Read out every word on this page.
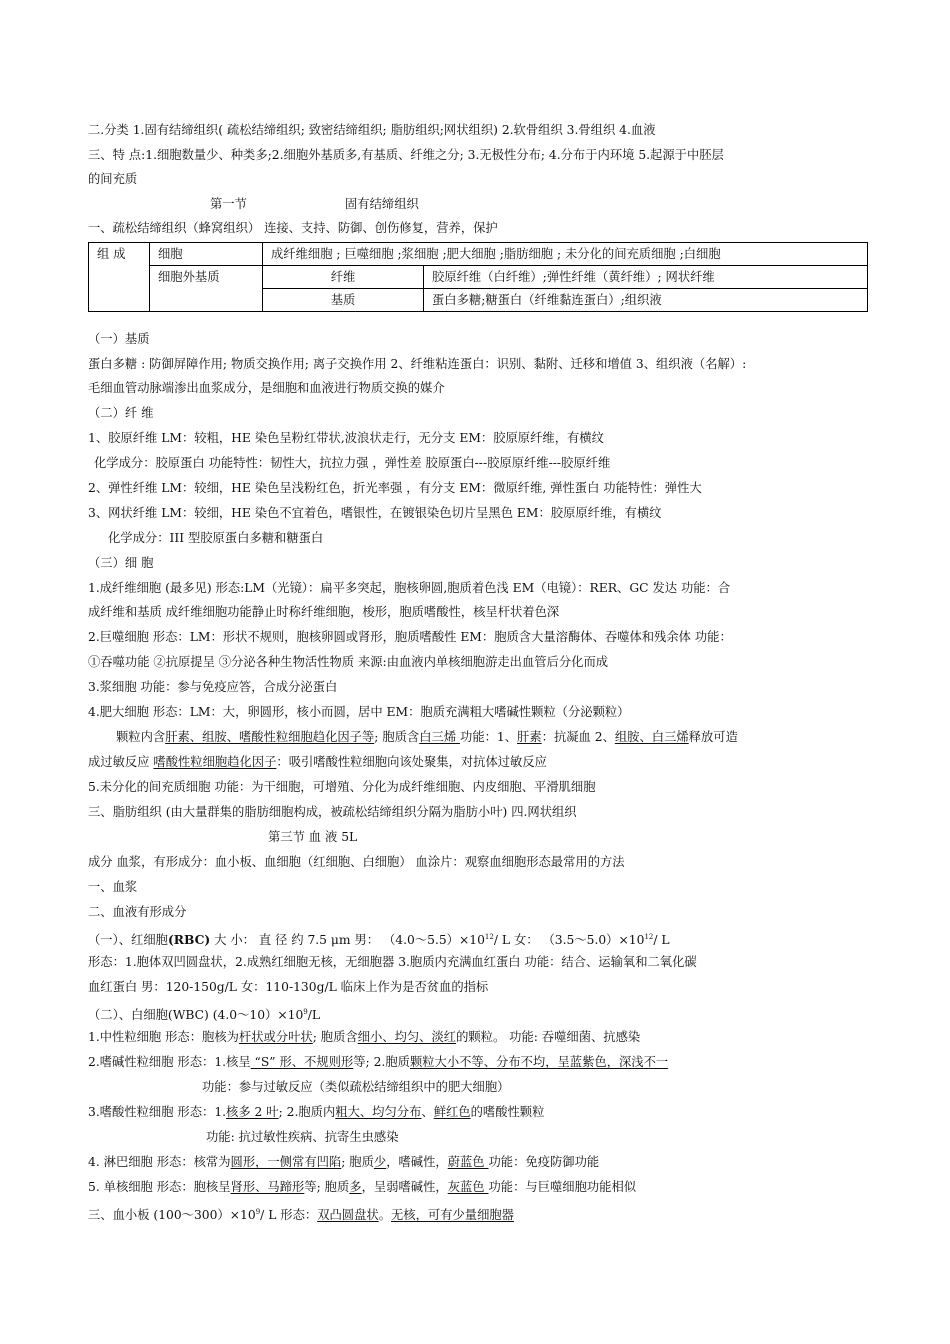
二.分类 1.固有结缔组织( 疏松结缔组织; 致密结缔组织; 脂肪组织;网状组织) 2.软骨组织 3.骨组织 4.血液
三、特 点:1.细胞数量少、种类多;2.细胞外基质多,有基质、纤维之分; 3.无极性分布; 4.分布于内环境 5.起源于中胚层
的间充质
第一节	固有结缔组织
一、疏松结缔组织（蜂窝组织） 连接、支持、防御、创伤修复，营养，保护
组 成	细胞	成纤维细胞 ; 巨噬细胞 ;浆细胞 ;肥大细胞 ;脂肪细胞 ; 未分化的间充质细胞 ;白细胞	
	细胞外基质	纤维	胶原纤维（白纤维）;弹性纤维（黄纤维）; 网状纤维
		基质	蛋白多糖;糖蛋白（纤维黏连蛋白）;组织液
（一）基质
蛋白多糖 : 防御屏障作用; 物质交换作用; 离子交换作用 2、纤维粘连蛋白：识别、黏附、迁移和增值 3、组织液（名解）:
毛细血管动脉端渗出血浆成分，是细胞和血液进行物质交换的媒介
（二）纤 维
1、胶原纤维 LM：较粗，HE 染色呈粉红带状,波浪状走行，无分支 EM：胶原原纤维，有横纹
化学成分：胶原蛋白 功能特性：韧性大，抗拉力强 ，弹性差 胶原蛋白---胶原原纤维---胶原纤维
2、弹性纤维 LM：较细，HE 染色呈浅粉红色，折光率强 ，有分支 EM：微原纤维, 弹性蛋白 功能特性：弹性大
3、网状纤维 LM：较细，HE 染色不宜着色，嗜银性，在镀银染色切片呈黑色 EM：胶原原纤维，有横纹
化学成分：III 型胶原蛋白多糖和糖蛋白
（三）细 胞
1.成纤维细胞 (最多见) 形态:LM（光镜）：扁平多突起，胞核卵圆,胞质着色浅 EM（电镜）：RER、GC 发达 功能：合
成纤维和基质 成纤维细胞功能静止时称纤维细胞，梭形，胞质嗜酸性，核呈杆状着色深
2.巨噬细胞 形态：LM：形状不规则，胞核卵圆或肾形，胞质嗜酸性 EM：胞质含大量溶酶体、吞噬体和残余体 功能：
①吞噬功能 ②抗原提呈 ③分泌各种生物活性物质 来源:由血液内单核细胞游走出血管后分化而成
3.浆细胞 功能：参与免疫应答，合成分泌蛋白
4.肥大细胞 形态：LM：大，卵圆形，核小而圆，居中 EM：胞质充满粗大嗜碱性颗粒（分泌颗粒）
颗粒内含肝素、组胺、嗜酸性粒细胞趋化因子等; 胞质含白三烯 功能：1、肝素：抗凝血 2、组胺、白三烯释放可造
成过敏反应 嗜酸性粒细胞趋化因子：吸引嗜酸性粒细胞向该处聚集，对抗体过敏反应
5.未分化的间充质细胞 功能：为干细胞，可增殖、分化为成纤维细胞、内皮细胞、平滑肌细胞
三、脂肪组织 (由大量群集的脂肪细胞构成，被疏松结缔组织分隔为脂肪小叶) 四.网状组织
第三节 血 液 5L
成分 血浆，有形成分：血小板、血细胞（红细胞、白细胞） 血涂片：观察血细胞形态最常用的方法
一、血浆
二、血液有形成分
（一）、红细胞(RBC) 大 小： 直 径 约 7.5 μm 男： $(4.0\sim 5.5)\times 10^{12}/$ L 女： $(3.5\sim 5.0)\times 10^{12}/$ L
形态：1.胞体双凹圆盘状，2.成熟红细胞无核，无细胞器 3.胞质内充满血红蛋白 功能：结合、运输氧和二氧化碳
血红蛋白 男：120-150g/L 女：110-130g/L 临床上作为是否贫血的指标
（二）、白细胞(WBC) $(4.0\sim 10)\times 10^9/L$
1.中性粒细胞 形态：胞核为杆状或分叶状; 胞质含细小、均匀、淡红的颗粒。 功能: 吞噬细菌、抗感染
2.嗜碱性粒细胞 形态：1.核呈 “S” 形、不规则形等; 2.胞质颗粒大小不等、分布不均，呈蓝紫色，深浅不一
功能：参与过敏反应（类似疏松结缔组织中的肥大细胞）
3.嗜酸性粒细胞 形态：1.核多 2 叶; 2.胞质内粗大、均匀分布、鲜红色的嗜酸性颗粒
功能: 抗过敏性疾病、抗寄生虫感染
4. 淋巴细胞 形态：核常为圆形，一侧常有凹陷; 胞质少，嗜碱性，蔚蓝色 功能：免疫防御功能
5. 单核细胞 形态：胞核呈肾形、马蹄形等; 胞质多，呈弱嗜碱性，灰蓝色 功能：与巨噬细胞功能相似
三、血小板 $(100\sim 300)\times 10^9/$ L 形态：双凸圆盘状。无核，可有少量细胞器
